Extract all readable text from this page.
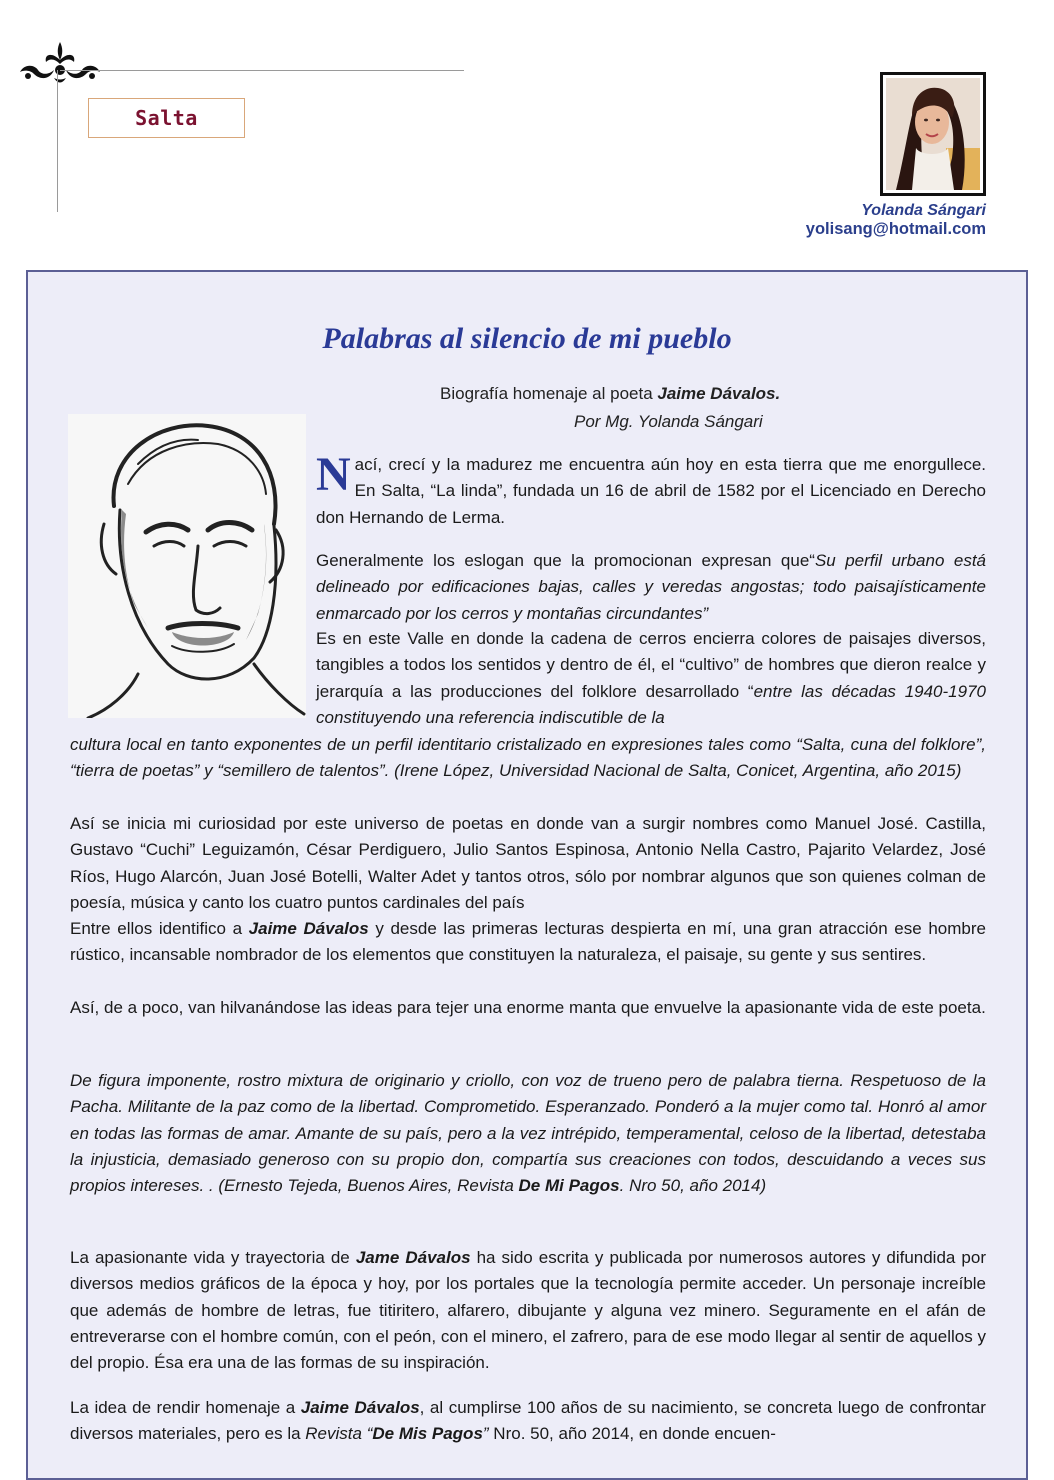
Salta
Yolanda Sángari
yolisang@hotmail.com
Palabras al silencio de mi pueblo
Biografía homenaje al poeta Jaime Dávalos.
Por Mg. Yolanda Sángari
Nací, crecí y la madurez me encuentra aún hoy en esta tierra que me enorgullece. En Salta, “La linda”, fundada un 16 de abril de 1582 por el Licenciado en Derecho don Hernando de Lerma.
Generalmente los eslogan que la promocionan expresan que“Su perfil urbano está delineado por edificaciones bajas, calles y veredas angostas; todo paisajísticamente enmarcado por los cerros y montañas circundantes”
Es en este Valle en donde la cadena de cerros encierra colores de paisajes diversos, tangibles a todos los sentidos y dentro de él, el “cultivo” de hombres que dieron realce y jerarquía a las producciones del folklore desarrollado “entre las décadas 1940-1970 constituyendo una referencia indiscutible de la
cultura local en tanto exponentes de un perfil identitario cristalizado en expresiones tales como “Salta, cuna del folklore”, “tierra de poetas” y “semillero de talentos”. (Irene López, Universidad Nacional de Salta, Conicet, Argentina, año 2015)
Así se inicia mi curiosidad por este universo de poetas en donde van a surgir nombres como Manuel José. Castilla, Gustavo “Cuchi” Leguizamón, César Perdiguero, Julio Santos Espinosa, Antonio Nella Castro, Pajarito Velardez, José Ríos, Hugo Alarcón, Juan José Botelli, Walter Adet y tantos otros, sólo por nombrar algunos que son quienes colman de poesía, música y canto los cuatro puntos cardinales del país
Entre ellos identifico a Jaime Dávalos y desde las primeras lecturas despierta en mí, una gran atracción ese hombre rústico, incansable nombrador de los elementos que constituyen la naturaleza, el paisaje, su gente y sus sentires.
Así, de a poco, van hilvanándose las ideas para tejer una enorme manta que envuelve la apasionante vida de este poeta.
De figura imponente, rostro mixtura de originario y criollo, con voz de trueno pero de palabra tierna. Respetuoso de la Pacha. Militante de la paz como de la libertad. Comprometido. Esperanzado. Ponderó a la mujer como tal. Honró al amor en todas las formas de amar. Amante de su país, pero a la vez intrépido, temperamental, celoso de la libertad, detestaba la injusticia, demasiado generoso con su propio don, compartía sus creaciones con todos, descuidando a veces sus propios intereses. . (Ernesto Tejeda, Buenos Aires, Revista De Mi Pagos. Nro 50, año 2014)
La apasionante vida y trayectoria de Jame Dávalos ha sido escrita y publicada por numerosos autores y difundida por diversos medios gráficos de la época y hoy, por los portales que la tecnología permite acceder. Un personaje increíble que además de hombre de letras, fue titiritero, alfarero, dibujante y alguna vez minero. Seguramente en el afán de entreverarse con el hombre común, con el peón, con el minero, el zafrero, para de ese modo llegar al sentir de aquellos y del propio. Ésa era una de las formas de su inspiración.
La idea de rendir homenaje a Jaime Dávalos, al cumplirse 100 años de su nacimiento, se concreta luego de confrontar diversos materiales, pero es la Revista “De Mis Pagos” Nro. 50, año 2014, en donde encuen-
